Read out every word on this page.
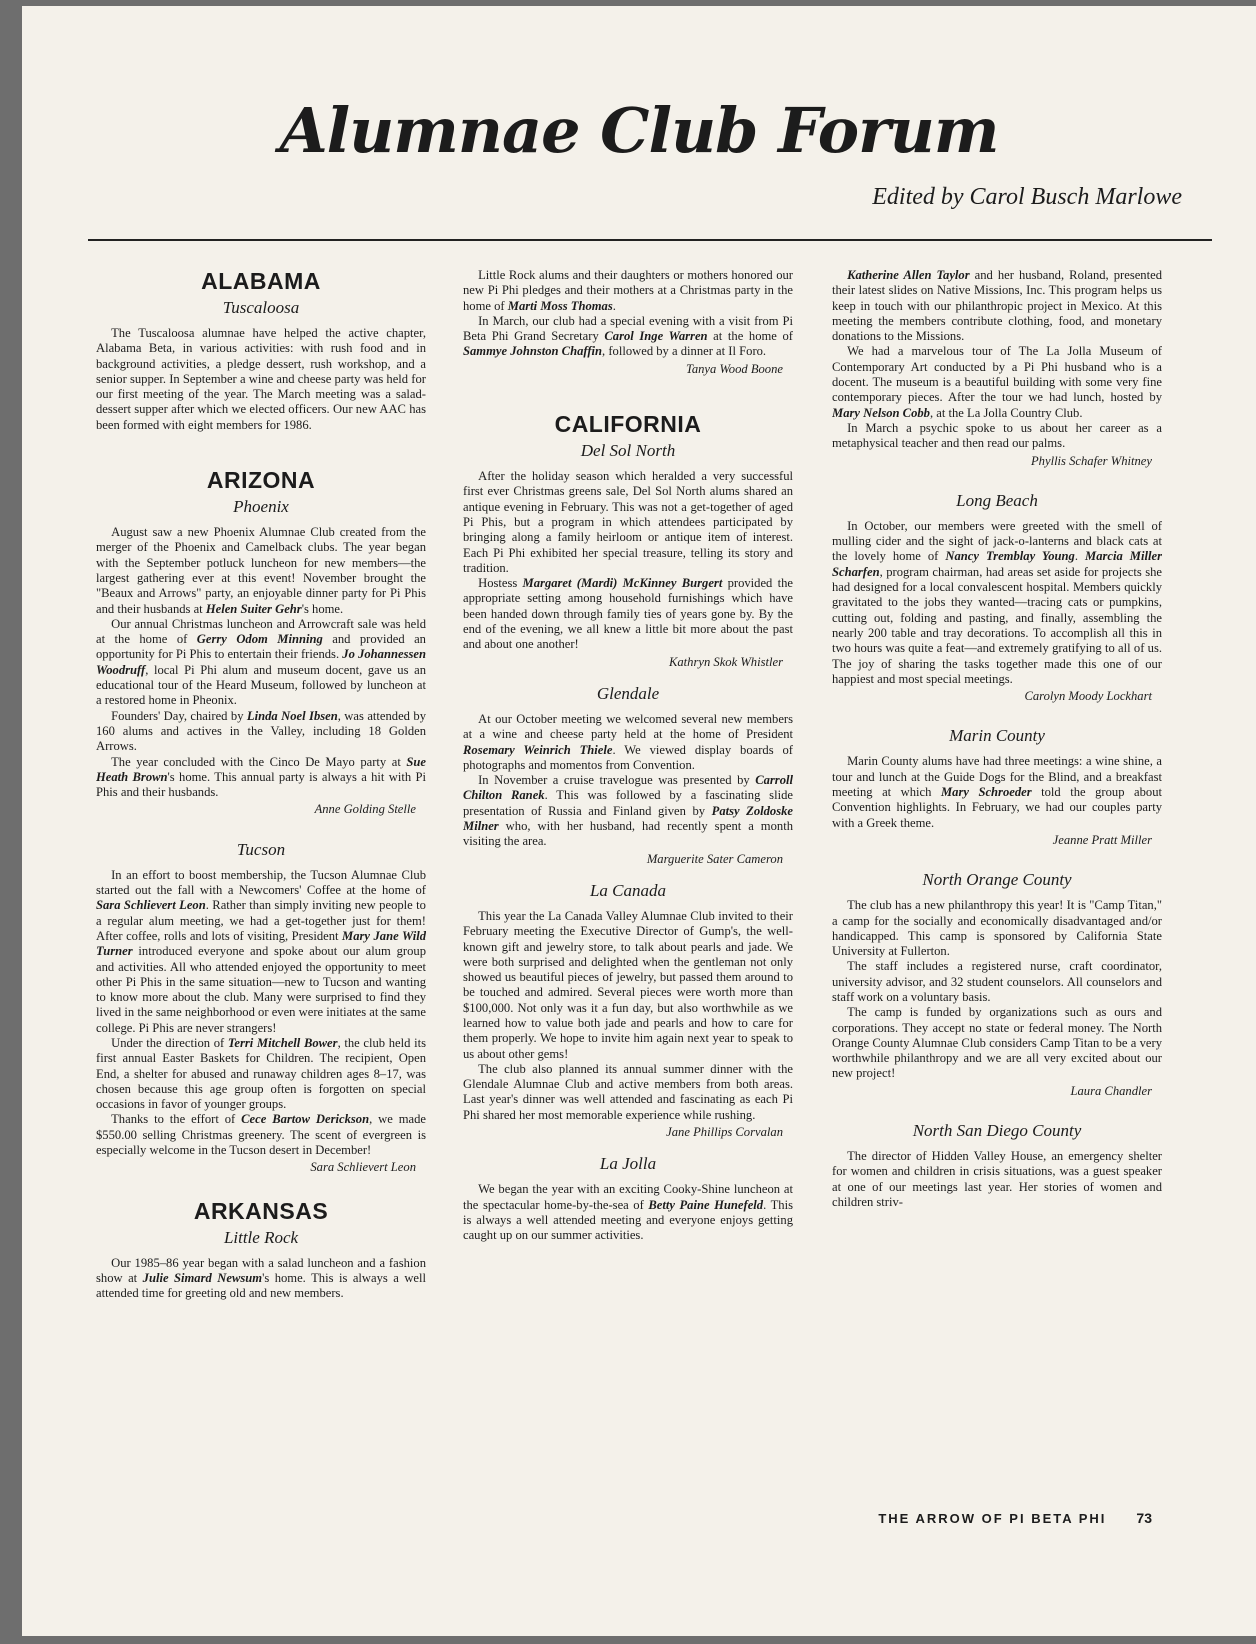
Alumnae Club Forum

Edited by Carol Busch Marlowe

ALABAMA
Tuscaloosa

The Tuscaloosa alumnae have helped the active chapter, Alabama Beta, in various activities: with rush food and in background activities, a pledge dessert, rush workshop, and a senior supper. In September a wine and cheese party was held for our first meeting of the year. The March meeting was a salad-dessert supper after which we elected officers. Our new AAC has been formed with eight members for 1986.

ARIZONA
Phoenix

August saw a new Phoenix Alumnae Club created from the merger of the Phoenix and Camelback clubs. The year began with the September potluck luncheon for new members—the largest gathering ever at this event! November brought the "Beaux and Arrows" party, an enjoyable dinner party for Pi Phis and their husbands at Helen Suiter Gehr's home.

Our annual Christmas luncheon and Arrowcraft sale was held at the home of Gerry Odom Minning and provided an opportunity for Pi Phis to entertain their friends. Jo Johannessen Woodruff, local Pi Phi alum and museum docent, gave us an educational tour of the Heard Museum, followed by luncheon at a restored home in Pheonix.

Founders' Day, chaired by Linda Noel Ibsen, was attended by 160 alums and actives in the Valley, including 18 Golden Arrows.

The year concluded with the Cinco De Mayo party at Sue Heath Brown's home. This annual party is always a hit with Pi Phis and their husbands.

Anne Golding Stelle
Tucson

In an effort to boost membership, the Tucson Alumnae Club started out the fall with a Newcomers' Coffee at the home of Sara Schlievert Leon. Rather than simply inviting new people to a regular alum meeting, we had a get-together just for them! After coffee, rolls and lots of visiting, President Mary Jane Wild Turner introduced everyone and spoke about our alum group and activities. All who attended enjoyed the opportunity to meet other Pi Phis in the same situation—new to Tucson and wanting to know more about the club. Many were surprised to find they lived in the same neighborhood or even were initiates at the same college. Pi Phis are never strangers!

Under the direction of Terri Mitchell Bower, the club held its first annual Easter Baskets for Children. The recipient, Open End, a shelter for abused and runaway children ages 8–17, was chosen because this age group often is forgotten on special occasions in favor of younger groups.

Thanks to the effort of Cece Bartow Derickson, we made $550.00 selling Christmas greenery. The scent of evergreen is especially welcome in the Tucson desert in December!

Sara Schlievert Leon
ARKANSAS
Little Rock

Our 1985–86 year began with a salad luncheon and a fashion show at Julie Simard Newsum's home. This is always a well attended time for greeting old and new members.

Little Rock alums and their daughters or mothers honored our new Pi Phi pledges and their mothers at a Christmas party in the home of Marti Moss Thomas.

In March, our club had a special evening with a visit from Pi Beta Phi Grand Secretary Carol Inge Warren at the home of Sammye Johnston Chaffin, followed by a dinner at Il Foro.

Tanya Wood Boone
CALIFORNIA
Del Sol North

After the holiday season which heralded a very successful first ever Christmas greens sale, Del Sol North alums shared an antique evening in February. This was not a get-together of aged Pi Phis, but a program in which attendees participated by bringing along a family heirloom or antique item of interest. Each Pi Phi exhibited her special treasure, telling its story and tradition.

Hostess Margaret (Mardi) McKinney Burgert provided the appropriate setting among household furnishings which have been handed down through family ties of years gone by. By the end of the evening, we all knew a little bit more about the past and about one another!

Kathryn Skok Whistler
Glendale

At our October meeting we welcomed several new members at a wine and cheese party held at the home of President Rosemary Weinrich Thiele. We viewed display boards of photographs and momentos from Convention.

In November a cruise travelogue was presented by Carroll Chilton Ranek. This was followed by a fascinating slide presentation of Russia and Finland given by Patsy Zoldoske Milner who, with her husband, had recently spent a month visiting the area.

Marguerite Sater Cameron
La Canada

This year the La Canada Valley Alumnae Club invited to their February meeting the Executive Director of Gump's, the well-known gift and jewelry store, to talk about pearls and jade. We were both surprised and delighted when the gentleman not only showed us beautiful pieces of jewelry, but passed them around to be touched and admired. Several pieces were worth more than $100,000. Not only was it a fun day, but also worthwhile as we learned how to value both jade and pearls and how to care for them properly. We hope to invite him again next year to speak to us about other gems!

The club also planned its annual summer dinner with the Glendale Alumnae Club and active members from both areas. Last year's dinner was well attended and fascinating as each Pi Phi shared her most memorable experience while rushing.

Jane Phillips Corvalan
La Jolla

We began the year with an exciting Cooky-Shine luncheon at the spectacular home-by-the-sea of Betty Paine Hunefeld. This is always a well attended meeting and everyone enjoys getting caught up on our summer activities.

Katherine Allen Taylor and her husband, Roland, presented their latest slides on Native Missions, Inc. This program helps us keep in touch with our philanthropic project in Mexico. At this meeting the members contribute clothing, food, and monetary donations to the Missions.

We had a marvelous tour of The La Jolla Museum of Contemporary Art conducted by a Pi Phi husband who is a docent. The museum is a beautiful building with some very fine contemporary pieces. After the tour we had lunch, hosted by Mary Nelson Cobb, at the La Jolla Country Club.

In March a psychic spoke to us about her career as a metaphysical teacher and then read our palms.

Phyllis Schafer Whitney
Long Beach

In October, our members were greeted with the smell of mulling cider and the sight of jack-o-lanterns and black cats at the lovely home of Nancy Tremblay Young. Marcia Miller Scharfen, program chairman, had areas set aside for projects she had designed for a local convalescent hospital. Members quickly gravitated to the jobs they wanted—tracing cats or pumpkins, cutting out, folding and pasting, and finally, assembling the nearly 200 table and tray decorations. To accomplish all this in two hours was quite a feat—and extremely gratifying to all of us. The joy of sharing the tasks together made this one of our happiest and most special meetings.

Carolyn Moody Lockhart
Marin County

Marin County alums have had three meetings: a wine shine, a tour and lunch at the Guide Dogs for the Blind, and a breakfast meeting at which Mary Schroeder told the group about Convention highlights. In February, we had our couples party with a Greek theme.

Jeanne Pratt Miller
North Orange County

The club has a new philanthropy this year! It is "Camp Titan," a camp for the socially and economically disadvantaged and/or handicapped. This camp is sponsored by California State University at Fullerton.

The staff includes a registered nurse, craft coordinator, university advisor, and 32 student counselors. All counselors and staff work on a voluntary basis.

The camp is funded by organizations such as ours and corporations. They accept no state or federal money. The North Orange County Alumnae Club considers Camp Titan to be a very worthwhile philanthropy and we are all very excited about our new project!

Laura Chandler
North San Diego County

The director of Hidden Valley House, an emergency shelter for women and children in crisis situations, was a guest speaker at one of our meetings last year. Her stories of women and children striv-

THE ARROW OF PI BETA PHI 73
